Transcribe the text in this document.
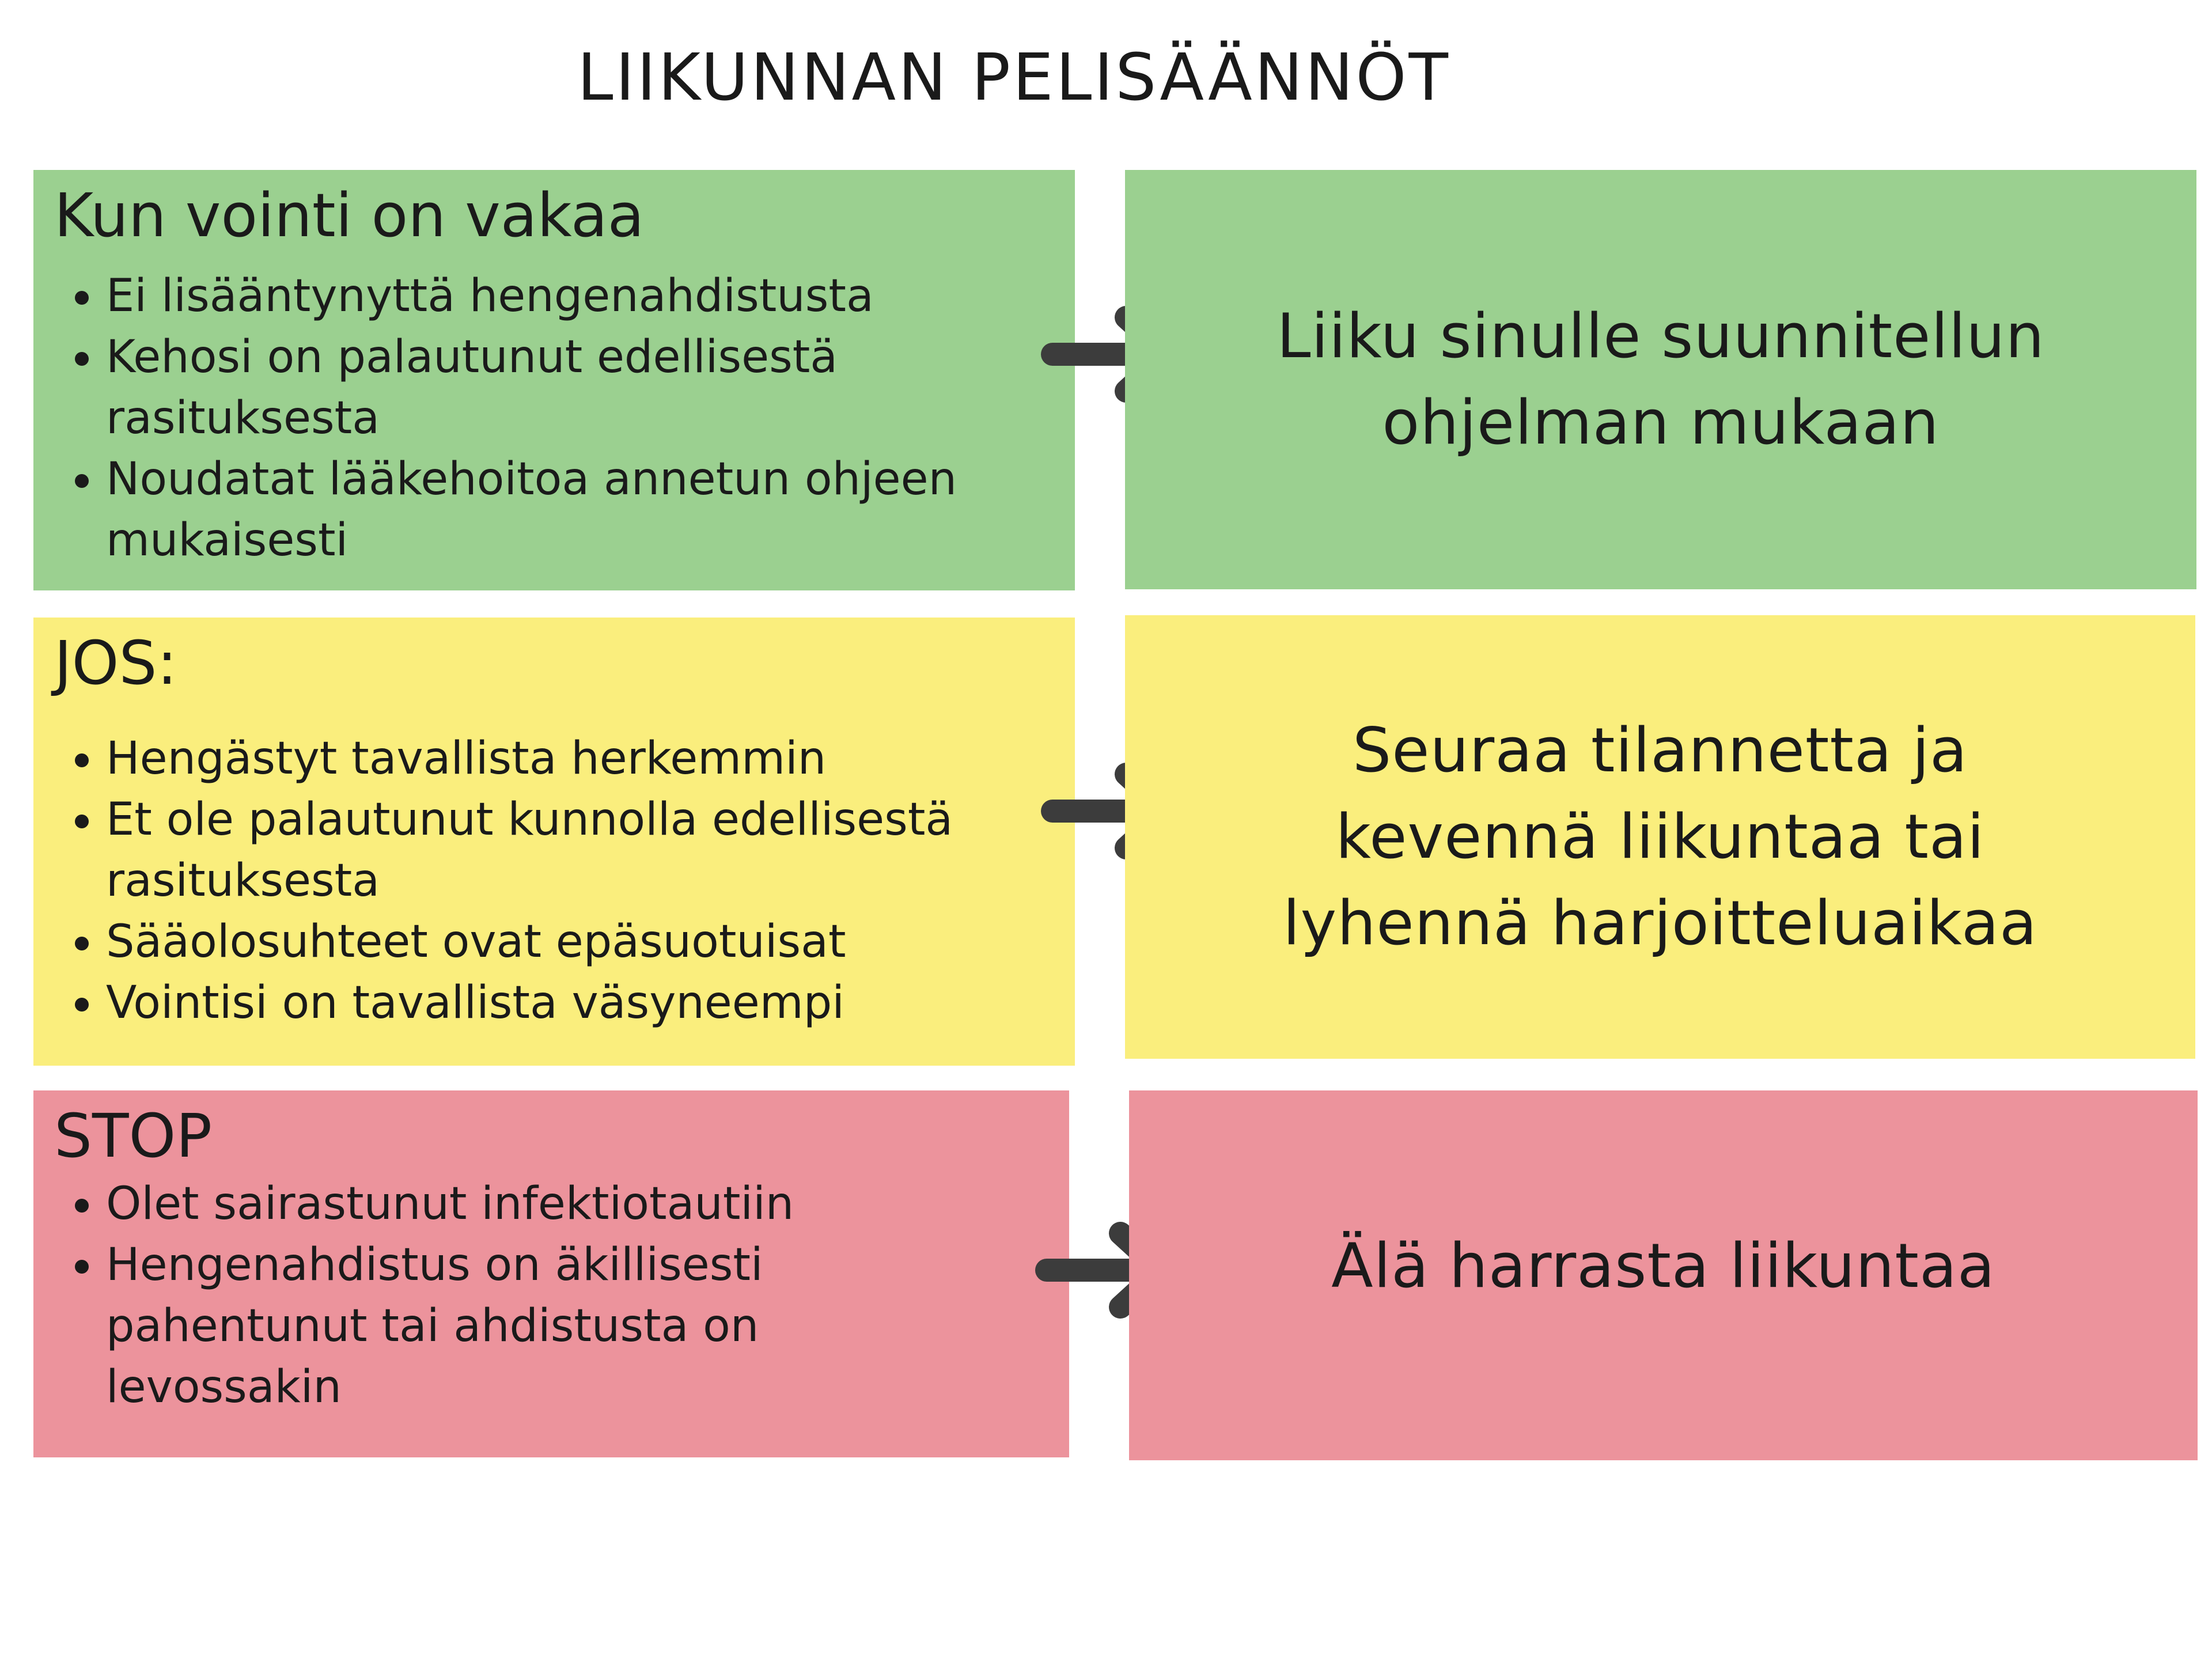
LIIKUNNAN PELISÄÄNNÖT
Kun vointi on vakaa
• Ei lisääntynyttä hengenahdistusta
• Kehosi on palautunut edellisestä rasituksesta
• Noudatat lääkehoitoa annetun ohjeen mukaisesti
Liiku sinulle suunnitellun ohjelman mukaan
JOS:
• Hengästyt tavallista herkemmin
• Et ole palautunut kunnolla edellisestä rasituksesta
• Sääolosuhteet ovat epäsuotuisat
• Vointisi on tavallista väsyneempi
Seuraa tilannetta ja kevennä liikuntaa tai lyhennä harjoitteluaikaa
STOP
• Olet sairastunut infektiotautiin
• Hengenahdistus on äkillisesti pahentunut tai ahdistusta on levossakin
Älä harrasta liikuntaa
